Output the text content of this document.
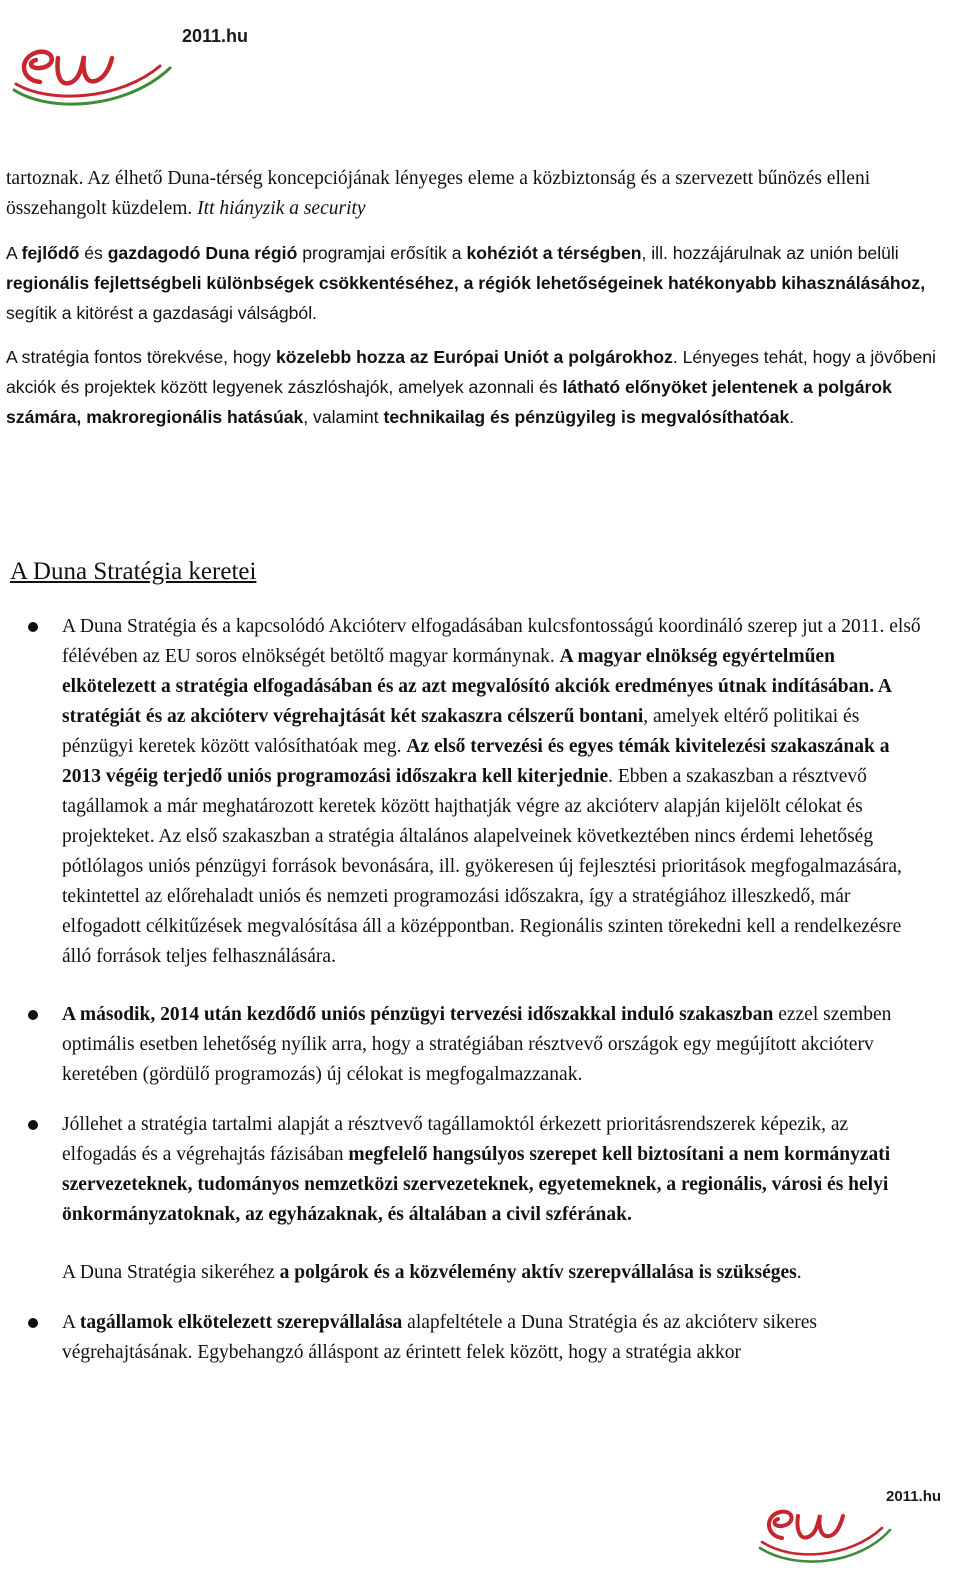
2011.hu

tartoznak. Az élhető Duna-térség koncepciójának lényeges eleme a közbiztonság és a szervezett bűnözés elleni összehangolt küzdelem. Itt hiányzik a security

A fejlődő és gazdagodó Duna régió programjai erősítik a kohéziót a térségben, ill. hozzájárulnak az unión belüli regionális fejlettségbeli különbségek csökkentéséhez, a régiók lehetőségeinek hatékonyabb kihasználásához, segítik a kitörést a gazdasági válságból.

A stratégia fontos törekvése, hogy közelebb hozza az Európai Uniót a polgárokhoz. Lényeges tehát, hogy a jövőbeni akciók és projektek között legyenek zászlóshajók, amelyek azonnali és látható előnyöket jelentenek a polgárok számára, makroregionális hatásúak, valamint technikailag és pénzügyileg is megvalósíthatóak.

A Duna Stratégia keretei
A Duna Stratégia és a kapcsolódó Akcióterv elfogadásában kulcsfontosságú koordináló szerep jut a 2011. első félévében az EU soros elnökségét betöltő magyar kormánynak. A magyar elnökség egyértelműen elkötelezett a stratégia elfogadásában és az azt megvalósító akciók eredményes útnak indításában. A stratégiát és az akcióterv végrehajtását két szakaszra célszerű bontani, amelyek eltérő politikai és pénzügyi keretek között valósíthatóak meg. Az első tervezési és egyes témák kivitelezési szakaszának a 2013 végéig terjedő uniós programozási időszakra kell kiterjednie. Ebben a szakaszban a résztvevő tagállamok a már meghatározott keretek között hajthatják végre az akcióterv alapján kijelölt célokat és projekteket. Az első szakaszban a stratégia általános alapelveinek következtében nincs érdemi lehetőség pótlólagos uniós pénzügyi források bevonására, ill. gyökeresen új fejlesztési prioritások megfogalmazására, tekintettel az előrehaladt uniós és nemzeti programozási időszakra, így a stratégiához illeszkedő, már elfogadott célkitűzések megvalósítása áll a középpontban. Regionális szinten törekedni kell a rendelkezésre álló források teljes felhasználására.
A második, 2014 után kezdődő uniós pénzügyi tervezési időszakkal induló szakaszban ezzel szemben optimális esetben lehetőség nyílik arra, hogy a stratégiában résztvevő országok egy megújított akcióterv keretében (gördülő programozás) új célokat is megfogalmazzanak.
Jóllehet a stratégia tartalmi alapját a résztvevő tagállamoktól érkezett prioritásrendszerek képezik, az elfogadás és a végrehajtás fázisában megfelelő hangsúlyos szerepet kell biztosítani a nem kormányzati szervezeteknek, tudományos nemzetközi szervezeteknek, egyetemeknek, a regionális, városi és helyi önkormányzatoknak, az egyházaknak, és általában a civil szférának.
A Duna Stratégia sikeréhez a polgárok és a közvélemény aktív szerepvállalása is szükséges.
A tagállamok elkötelezett szerepvállalása alapfeltétele a Duna Stratégia és az akcióterv sikeres végrehajtásának. Egybehangzó álláspont az érintett felek között, hogy a stratégia akkor
2011.hu
